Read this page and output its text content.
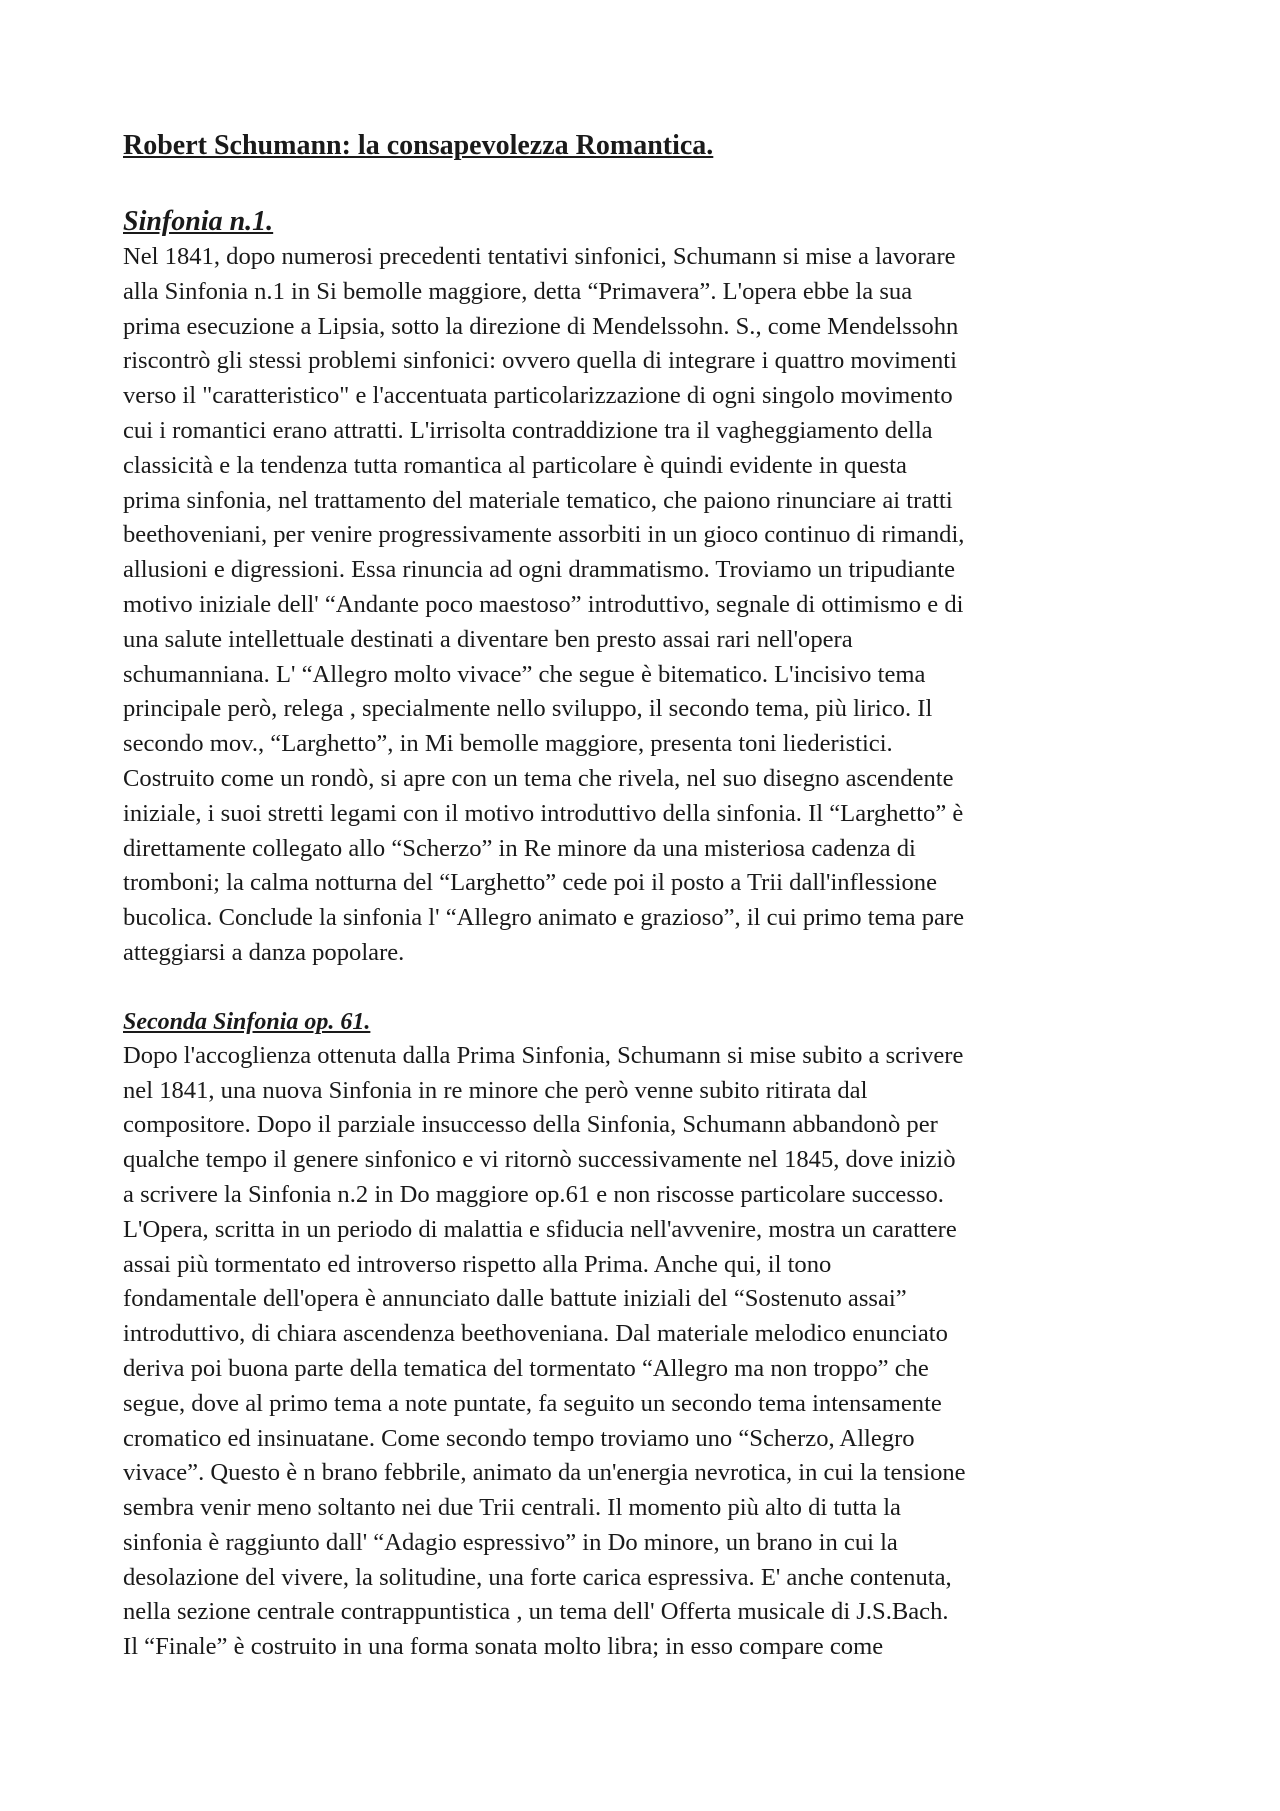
Robert Schumann: la consapevolezza Romantica.
Sinfonia n.1.

Nel 1841, dopo numerosi precedenti tentativi sinfonici, Schumann si mise a lavorare
alla Sinfonia n.1 in Si bemolle maggiore, detta “Primavera”. L'opera ebbe la sua
prima esecuzione a Lipsia, sotto la direzione di Mendelssohn. S., come Mendelssohn
riscontrò gli stessi problemi sinfonici: ovvero quella di integrare i quattro movimenti
verso il "caratteristico" e l'accentuata particolarizzazione di ogni singolo movimento
cui i romantici erano attratti. L'irrisolta contraddizione tra il vagheggiamento della
classicità e la tendenza tutta romantica al particolare è quindi evidente in questa
prima sinfonia, nel trattamento del materiale tematico, che paiono rinunciare ai tratti
beethoveniani, per venire progressivamente assorbiti in un gioco continuo di rimandi,
allusioni e digressioni. Essa rinuncia ad ogni drammatismo. Troviamo un tripudiante
motivo iniziale dell' “Andante poco maestoso” introduttivo, segnale di ottimismo e di
una salute intellettuale destinati a diventare ben presto assai rari nell'opera
schumanniana. L' “Allegro molto vivace” che segue è bitematico. L'incisivo tema
principale però, relega , specialmente nello sviluppo, il secondo tema, più lirico. Il
secondo mov., “Larghetto”, in Mi bemolle maggiore, presenta toni liederistici.
Costruito come un rondò, si apre con un tema che rivela, nel suo disegno ascendente
iniziale, i suoi stretti legami con il motivo introduttivo della sinfonia. Il “Larghetto” è
direttamente collegato allo “Scherzo” in Re minore da una misteriosa cadenza di
tromboni; la calma notturna del “Larghetto” cede poi il posto a Trii dall'inflessione
bucolica. Conclude la sinfonia l' “Allegro animato e grazioso”, il cui primo tema pare
atteggiarsi a danza popolare.

Seconda Sinfonia op. 61.

Dopo l'accoglienza ottenuta dalla Prima Sinfonia, Schumann si mise subito a scrivere
nel 1841, una nuova Sinfonia in re minore che però venne subito ritirata dal
compositore. Dopo il parziale insuccesso della Sinfonia, Schumann abbandonò per
qualche tempo il genere sinfonico e vi ritornò successivamente nel 1845, dove iniziò
a scrivere la Sinfonia n.2 in Do maggiore op.61 e non riscosse particolare successo.
L'Opera, scritta in un periodo di malattia e sfiducia nell'avvenire, mostra un carattere
assai più tormentato ed introverso rispetto alla Prima. Anche qui, il tono
fondamentale dell'opera è annunciato dalle battute iniziali del “Sostenuto assai”
introduttivo, di chiara ascendenza beethoveniana. Dal materiale melodico enunciato
deriva poi buona parte della tematica del tormentato “Allegro ma non troppo” che
segue, dove al primo tema a note puntate, fa seguito un secondo tema intensamente
cromatico ed insinuatane. Come secondo tempo troviamo uno “Scherzo, Allegro
vivace”. Questo è n brano febbrile, animato da un'energia nevrotica, in cui la tensione
sembra venir meno soltanto nei due Trii centrali. Il momento più alto di tutta la
sinfonia è raggiunto dall' “Adagio espressivo” in Do minore, un brano in cui la
desolazione del vivere, la solitudine, una forte carica espressiva. E' anche contenuta,
nella sezione centrale contrappuntistica , un tema dell' Offerta musicale di J.S.Bach.
Il “Finale” è costruito in una forma sonata molto libra; in esso compare come
